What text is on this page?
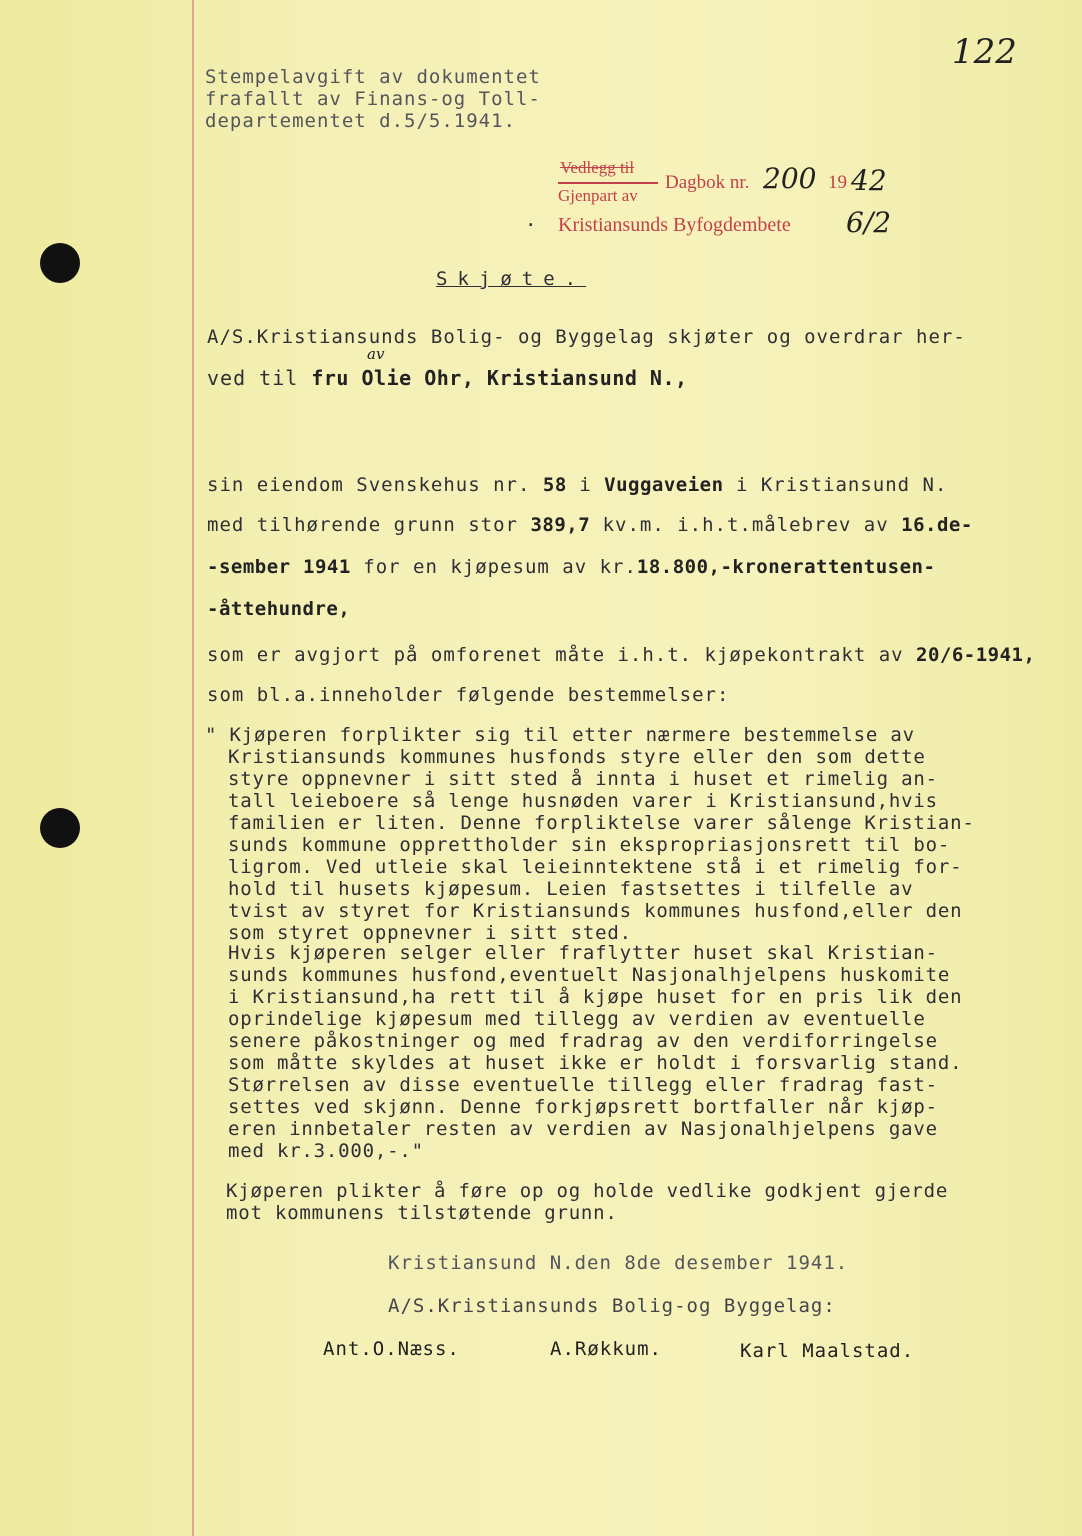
122
Stempelavgift av dokumentet
frafallt av Finans-og Toll-
departementet d.5/5.1941.
Vedlegg til
Gjenpart av
Dagbok nr. 200 19 42
Kristiansunds Byfogdembete 6/2
·
Skjøte.
A/S.Kristiansunds Bolig- og Byggelag skjøter og overdrar her-
av
ved til fru Olie Ohr, Kristiansund N.,
sin eiendom Svenskehus nr. 58 i Vuggaveien i Kristiansund N.
med tilhørende grunn stor 389,7 kv.m. i.h.t.målebrev av 16.de-
-sember 1941 for en kjøpesum av kr.18.800,-kronerattentusen-
-åttehundre,
som er avgjort på omforenet måte i.h.t. kjøpekontrakt av 20/6-1941,
som bl.a.inneholder følgende bestemmelser:
" Kjøperen forplikter sig til etter nærmere bestemmelse av
Kristiansunds kommunes husfonds styre eller den som dette
styre oppnevner i sitt sted å innta i huset et rimelig an-
tall leieboere så lenge husnøden varer i Kristiansund,hvis
familien er liten. Denne forpliktelse varer sålenge Kristian-
sunds kommune opprettholder sin ekspropriasjonsrett til bo-
ligrom. Ved utleie skal leieinntektene stå i et rimelig for-
hold til husets kjøpesum. Leien fastsettes i tilfelle av
tvist av styret for Kristiansunds kommunes husfond,eller den
som styret oppnevner i sitt sted.
Hvis kjøperen selger eller fraflytter huset skal Kristian-
sunds kommunes husfond,eventuelt Nasjonalhjelpens huskomite
i Kristiansund,ha rett til å kjøpe huset for en pris lik den
oprindelige kjøpesum med tillegg av verdien av eventuelle
senere påkostninger og med fradrag av den verdiforringelse
som måtte skyldes at huset ikke er holdt i forsvarlig stand.
Størrelsen av disse eventuelle tillegg eller fradrag fast-
settes ved skjønn. Denne forkjøpsrett bortfaller når kjøp-
eren innbetaler resten av verdien av Nasjonalhjelpens gave
med kr.3.000,-."
Kjøperen plikter å føre op og holde vedlike godkjent gjerde
mot kommunens tilstøtende grunn.
Kristiansund N.den 8de desember 1941.
A/S.Kristiansunds Bolig-og Byggelag:
Ant.O.Næss.	A.Røkkum.	Karl Maalstad.
